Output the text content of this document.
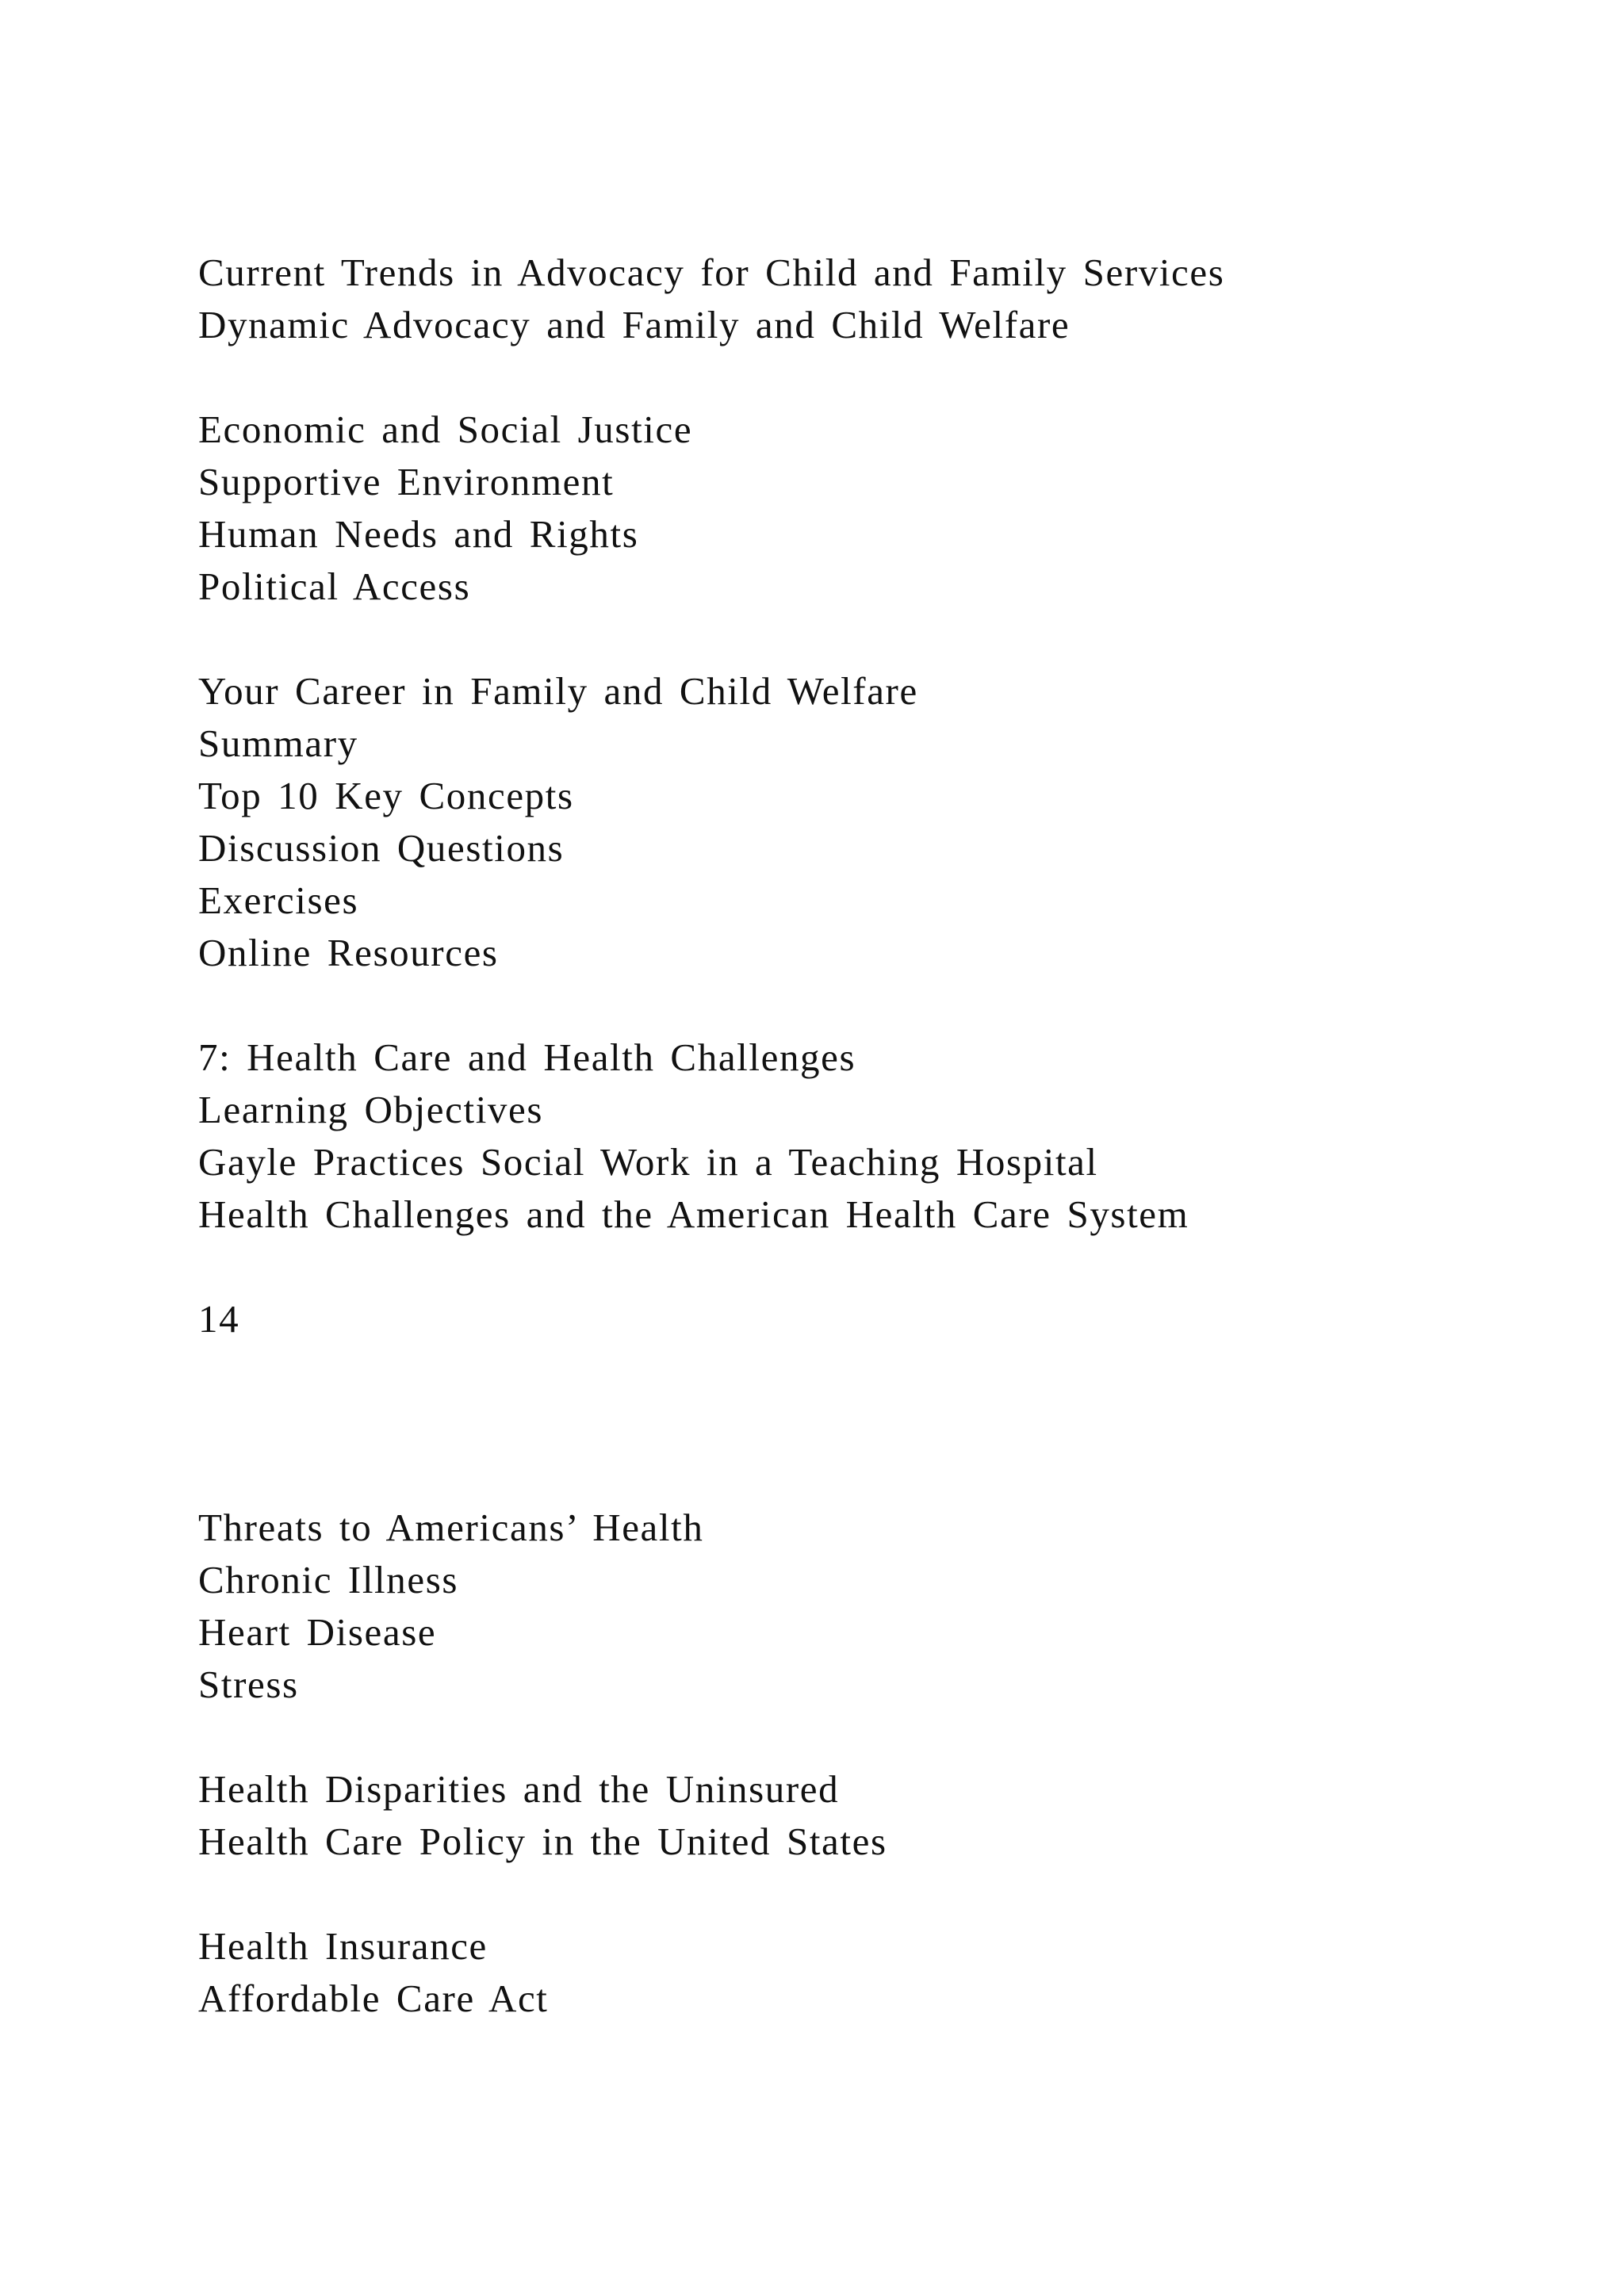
Current Trends in Advocacy for Child and Family Services

Dynamic Advocacy and Family and Child Welfare

Economic and Social Justice

Supportive Environment

Human Needs and Rights

Political Access

Your Career in Family and Child Welfare

Summary

Top 10 Key Concepts

Discussion Questions

Exercises

Online Resources

7: Health Care and Health Challenges

Learning Objectives

Gayle Practices Social Work in a Teaching Hospital

Health Challenges and the American Health Care System

14

Threats to Americans’ Health

Chronic Illness

Heart Disease

Stress

Health Disparities and the Uninsured

Health Care Policy in the United States

Health Insurance

Affordable Care Act
